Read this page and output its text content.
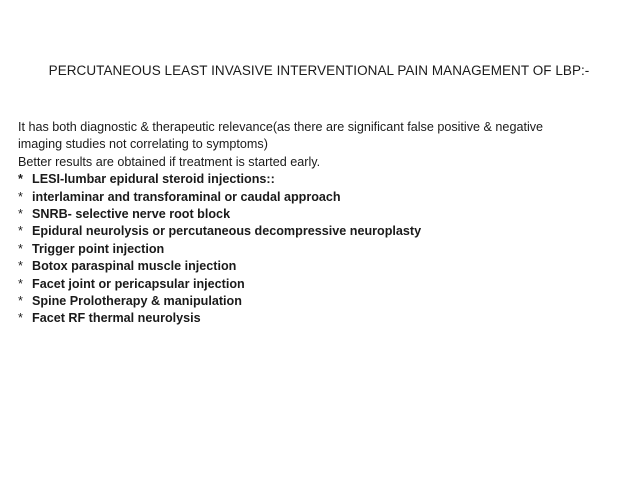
PERCUTANEOUS LEAST INVASIVE INTERVENTIONAL PAIN MANAGEMENT OF LBP:-
It has both diagnostic & therapeutic relevance(as there are significant false positive & negative
imaging studies not correlating to symptoms)
Better results are obtained if treatment is started early.
* LESI-lumbar epidural steroid injections::
* interlaminar and transforaminal or caudal approach
* SNRB- selective nerve root block
* Epidural neurolysis or percutaneous decompressive neuroplasty
* Trigger point injection
* Botox paraspinal muscle injection
* Facet joint or pericapsular injection
* Spine Prolotherapy & manipulation
* Facet RF thermal neurolysis
